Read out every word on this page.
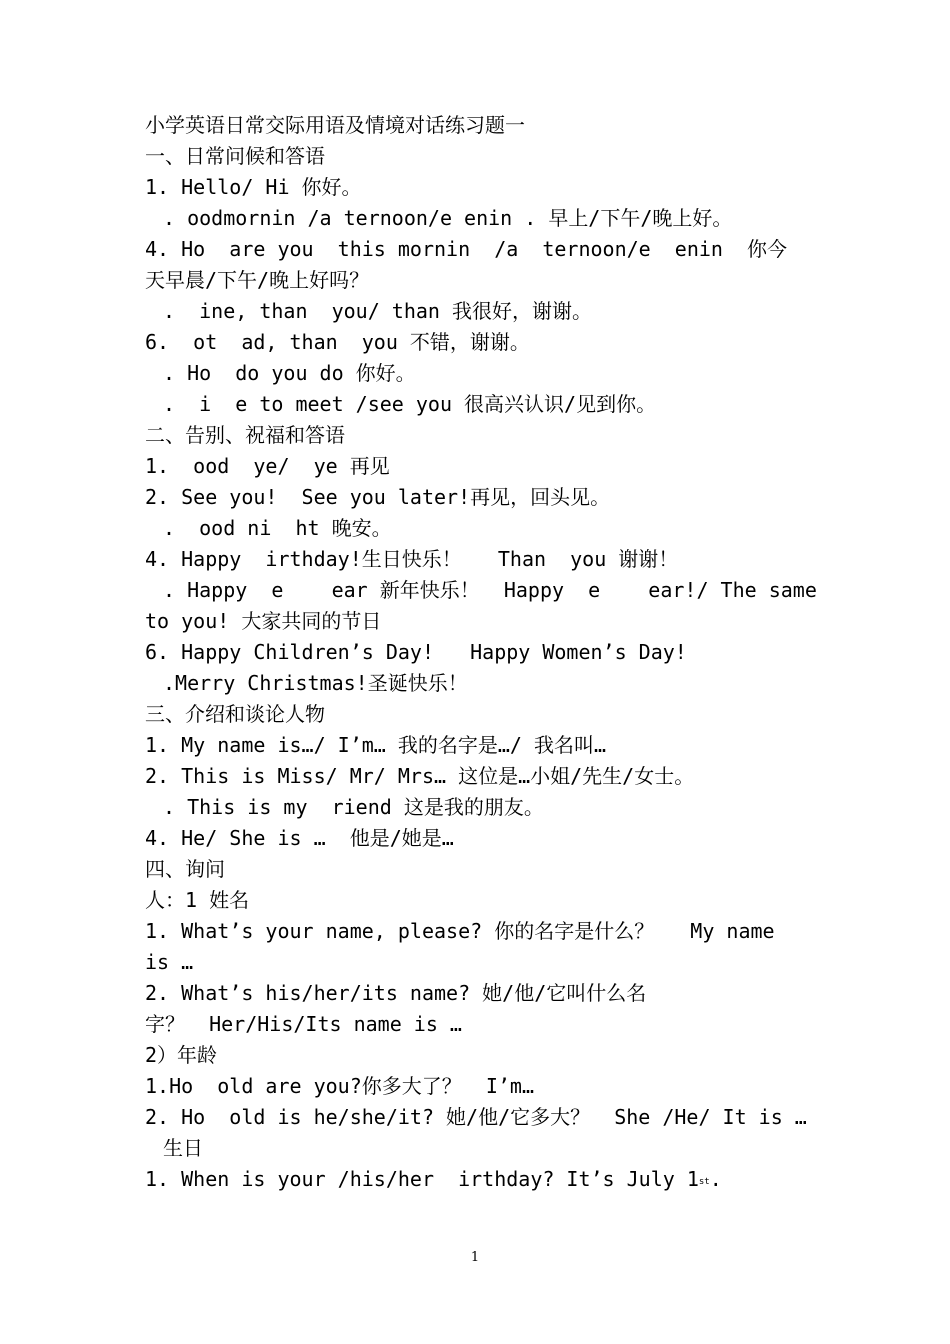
小学英语日常交际用语及情境对话练习题一
一、日常问候和答语
1. Hello/ Hi 你好。
. oodmornin /a ternoon/e enin . 早上/下午/晚上好。
4. Ho  are you  this mornin  /a  ternoon/e  enin  你今
天早晨/下午/晚上好吗？
.  ine, than  you/ than 我很好，谢谢。
6.  ot  ad, than  you 不错，谢谢。
. Ho  do you do 你好。
.  i  e to meet /see you 很高兴认识/见到你。
二、告别、祝福和答语
1.  ood  ye/  ye 再见
2. See you!  See you later!再见，回头见。
.  ood ni  ht 晚安。
4. Happy  irthday!生日快乐！   Than  you 谢谢！
. Happy  e    ear 新年快乐！  Happy  e    ear!/ The same
to you! 大家共同的节日
6. Happy Children’s Day!   Happy Women’s Day!
.Merry Christmas!圣诞快乐！
三、介绍和谈论人物
1. My name is…/ I’m… 我的名字是…/ 我名叫…
2. This is Miss/ Mr/ Mrs… 这位是…小姐/先生/女士。
. This is my  riend 这是我的朋友。
4. He/ She is …  他是/她是…
四、询问
人：1 姓名
1. What’s your name, please? 你的名字是什么？   My name
is …
2. What’s his/her/its name? 她/他/它叫什么名
字？  Her/His/Its name is …
2）年龄
1.Ho  old are you?你多大了？  I’m…
2. Ho  old is he/she/it? 她/他/它多大？  She /He/ It is …
生日
1. When is your /his/her  irthday? It’s July 1st.
1
